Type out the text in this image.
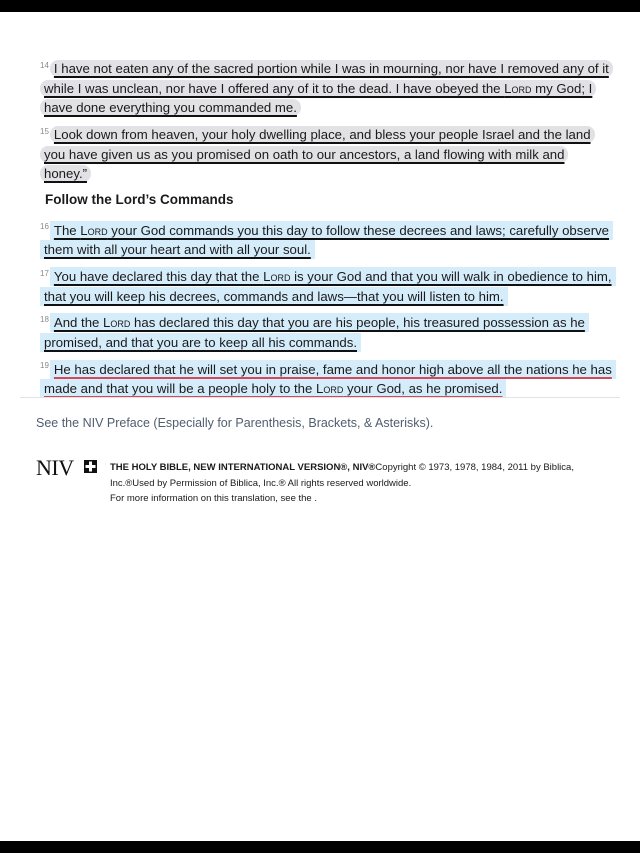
$^{14}$ I have not eaten any of the sacred portion while I was in mourning, nor have I removed any of it while I was unclean, nor have I offered any of it to the dead. I have obeyed the Lord my God; I have done everything you commanded me.

$^{15}$ Look down from heaven, your holy dwelling place, and bless your people Israel and the land you have given us as you promised on oath to our ancestors, a land flowing with milk and honey.”

Follow the Lord’s Commands

$^{16}$ The Lord your God commands you this day to follow these decrees and laws; carefully observe them with all your heart and with all your soul.

$^{17}$ You have declared this day that the Lord is your God and that you will walk in obedience to him, that you will keep his decrees, commands and laws—that you will listen to him.

$^{18}$ And the Lord has declared this day that you are his people, his treasured possession as he promised, and that you are to keep all his commands.

$^{19}$ He has declared that he will set you in praise, fame and honor high above all the nations he has made and that you will be a people holy to the Lord your God, as he promised.

See the NIV Preface (Especially for Parenthesis, Brackets, & Asterisks).
NIV	THE HOLY BIBLE, NEW INTERNATIONAL VERSION®, NIV®Copyright © 1973, 1978, 1984, 2011 by Biblica, Inc.®Used by Permission of Biblica, Inc.® All rights reserved worldwide.
For more information on this translation, see the .
